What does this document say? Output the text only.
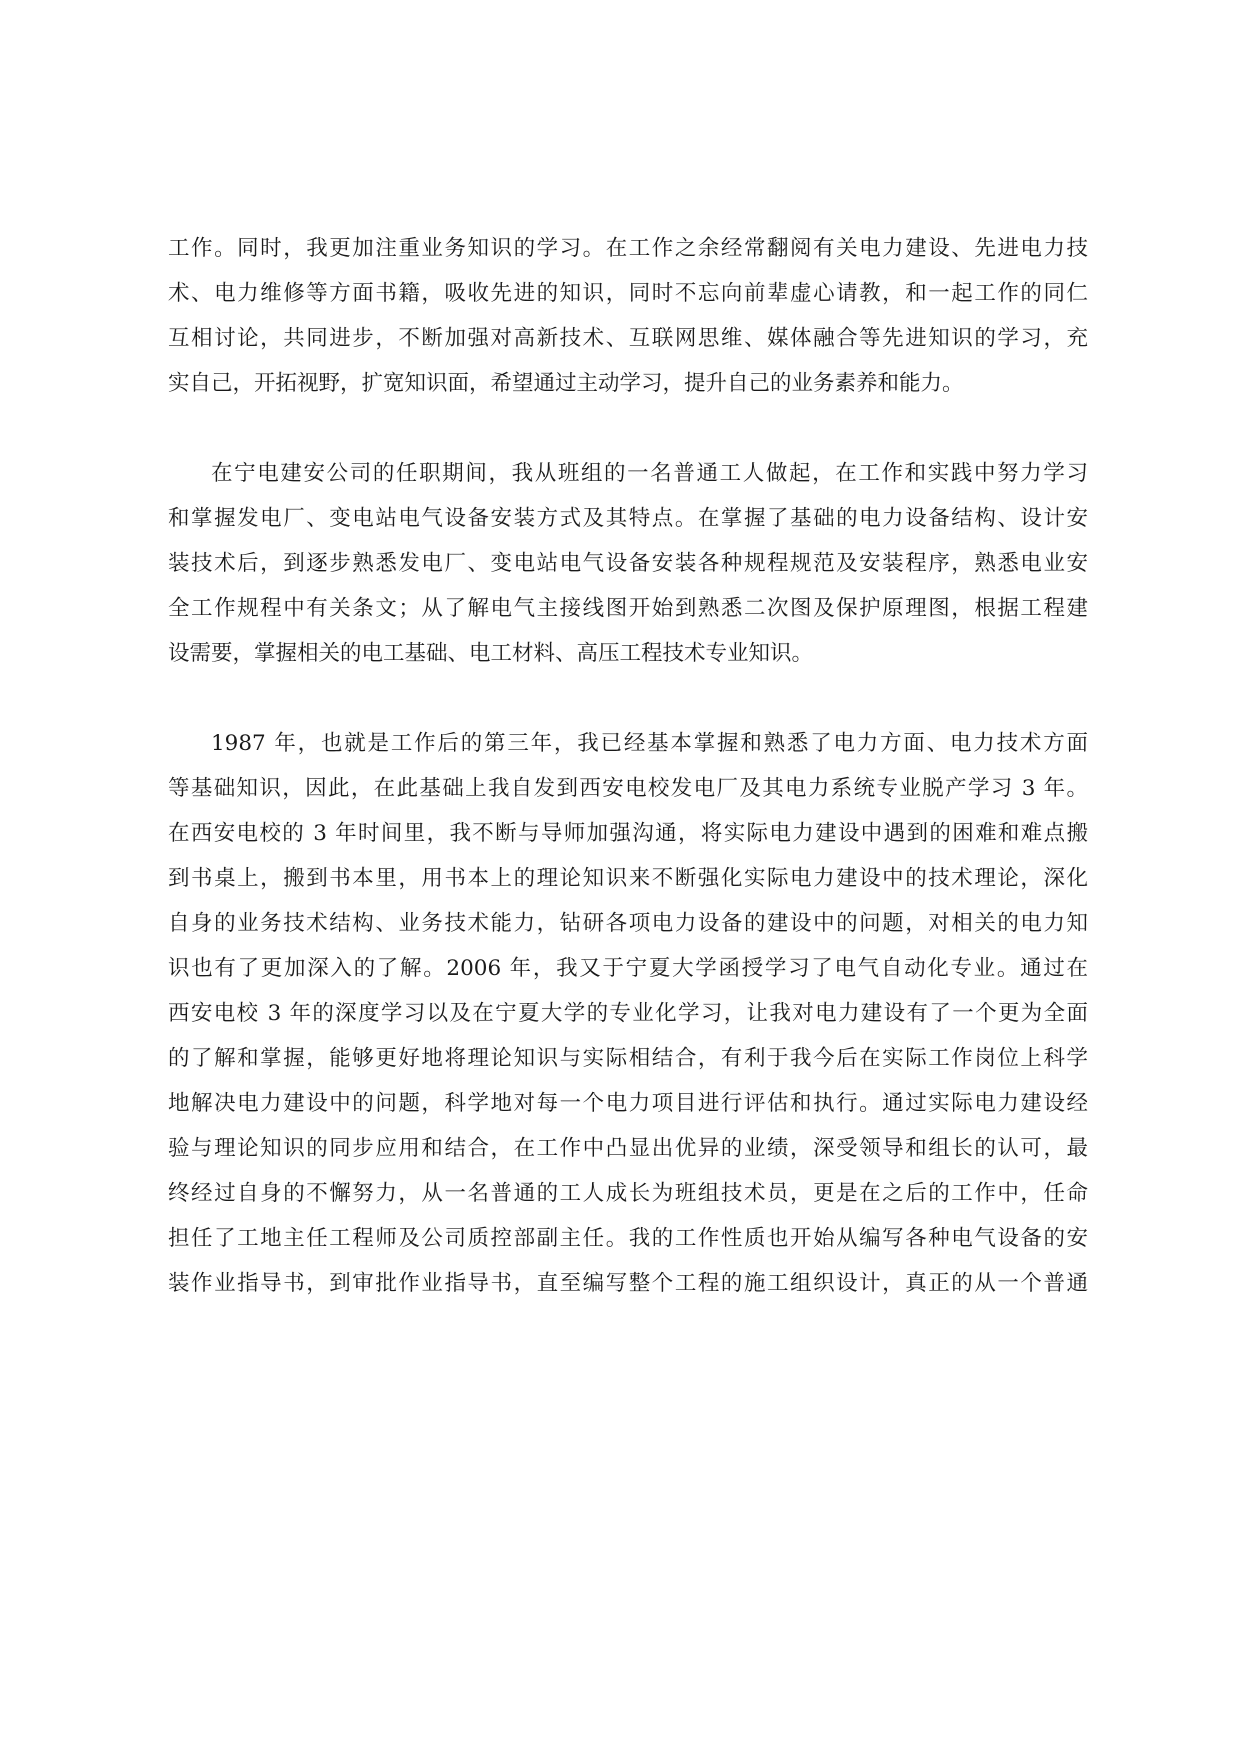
工作。同时，我更加注重业务知识的学习。在工作之余经常翻阅有关电力建设、先进电力技
术、电力维修等方面书籍，吸收先进的知识，同时不忘向前辈虚心请教，和一起工作的同仁
互相讨论，共同进步，不断加强对高新技术、互联网思维、媒体融合等先进知识的学习，充
实自己，开拓视野，扩宽知识面，希望通过主动学习，提升自己的业务素养和能力。
在宁电建安公司的任职期间，我从班组的一名普通工人做起，在工作和实践中努力学习
和掌握发电厂、变电站电气设备安装方式及其特点。在掌握了基础的电力设备结构、设计安
装技术后，到逐步熟悉发电厂、变电站电气设备安装各种规程规范及安装程序，熟悉电业安
全工作规程中有关条文；从了解电气主接线图开始到熟悉二次图及保护原理图，根据工程建
设需要，掌握相关的电工基础、电工材料、高压工程技术专业知识。
1987 年，也就是工作后的第三年，我已经基本掌握和熟悉了电力方面、电力技术方面
等基础知识，因此，在此基础上我自发到西安电校发电厂及其电力系统专业脱产学习 3 年。
在西安电校的 3 年时间里，我不断与导师加强沟通，将实际电力建设中遇到的困难和难点搬
到书桌上，搬到书本里，用书本上的理论知识来不断强化实际电力建设中的技术理论，深化
自身的业务技术结构、业务技术能力，钻研各项电力设备的建设中的问题，对相关的电力知
识也有了更加深入的了解。2006 年，我又于宁夏大学函授学习了电气自动化专业。通过在
西安电校 3 年的深度学习以及在宁夏大学的专业化学习，让我对电力建设有了一个更为全面
的了解和掌握，能够更好地将理论知识与实际相结合，有利于我今后在实际工作岗位上科学
地解决电力建设中的问题，科学地对每一个电力项目进行评估和执行。通过实际电力建设经
验与理论知识的同步应用和结合，在工作中凸显出优异的业绩，深受领导和组长的认可，最
终经过自身的不懈努力，从一名普通的工人成长为班组技术员，更是在之后的工作中，任命
担任了工地主任工程师及公司质控部副主任。我的工作性质也开始从编写各种电气设备的安
装作业指导书，到审批作业指导书，直至编写整个工程的施工组织设计，真正的从一个普通
